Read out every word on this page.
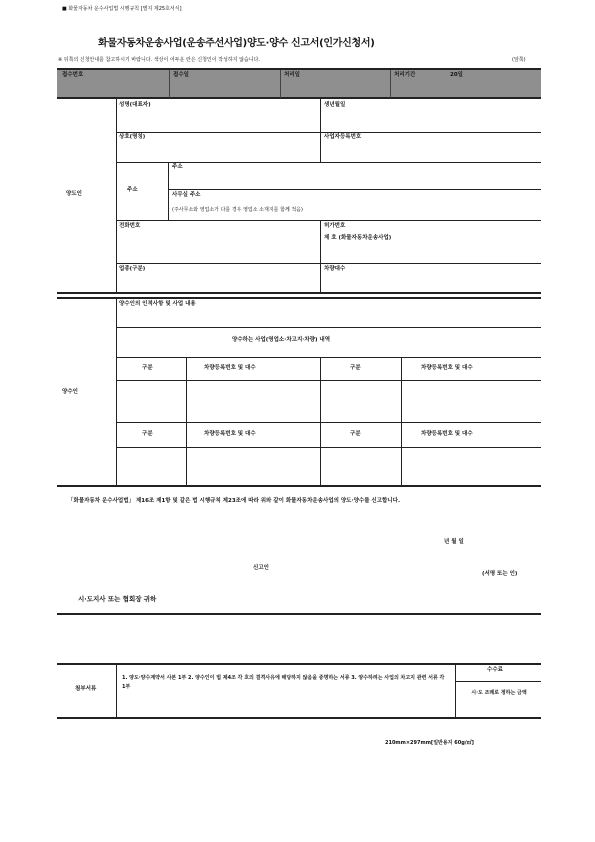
■ 화물자동차 운수사업법 시행규칙 [별지 제25호서식]
화물자동차운송사업(운송주선사업)양도·양수 신고서(인가신청서)
※ 뒤쪽의 신청안내를 참고하시기 바랍니다. 색상이 어두운 란은 신청인이 작성하지 않습니다.	(앞쪽)
접수번호	접수일	처리일	처리기간	20일
양도인
성명(대표자)	생년월일
상호(명칭)	사업자등록번호
주소
주소
사무실 주소
(주사무소와 영업소가 다를 경우 영업소 소재지를 함께 적음)
전화번호	허가번호
제 호 (화물자동차운송사업)
업종(구분)	차량대수
양수인
양수인의 인적사항 및 사업 내용
양수하는 사업(영업소·차고지·차량) 내역
구분	차량등록번호 및 대수	구분	차량등록번호 및 대수
구분	차량등록번호 및 대수	구분	차량등록번호 및 대수
「화물자동차 운수사업법」 제16조 제1항 및 같은 법 시행규칙 제23조에 따라 위와 같이 화물자동차운송사업의 양도·양수를 신고합니다.
년 월 일
신고인
(서명 또는 인)
시·도지사 또는 협회장 귀하
첨부서류
1. 양도·양수계약서 사본 1부 2. 양수인이 법 제4조 각 호의 결격사유에 해당하지 않음을 증명하는 서류 3. 양수하려는 사업의 차고지 관련 서류 각 1부
수수료
시·도 조례로 정하는 금액
210mm×297mm[일반용지 60g/㎡]
